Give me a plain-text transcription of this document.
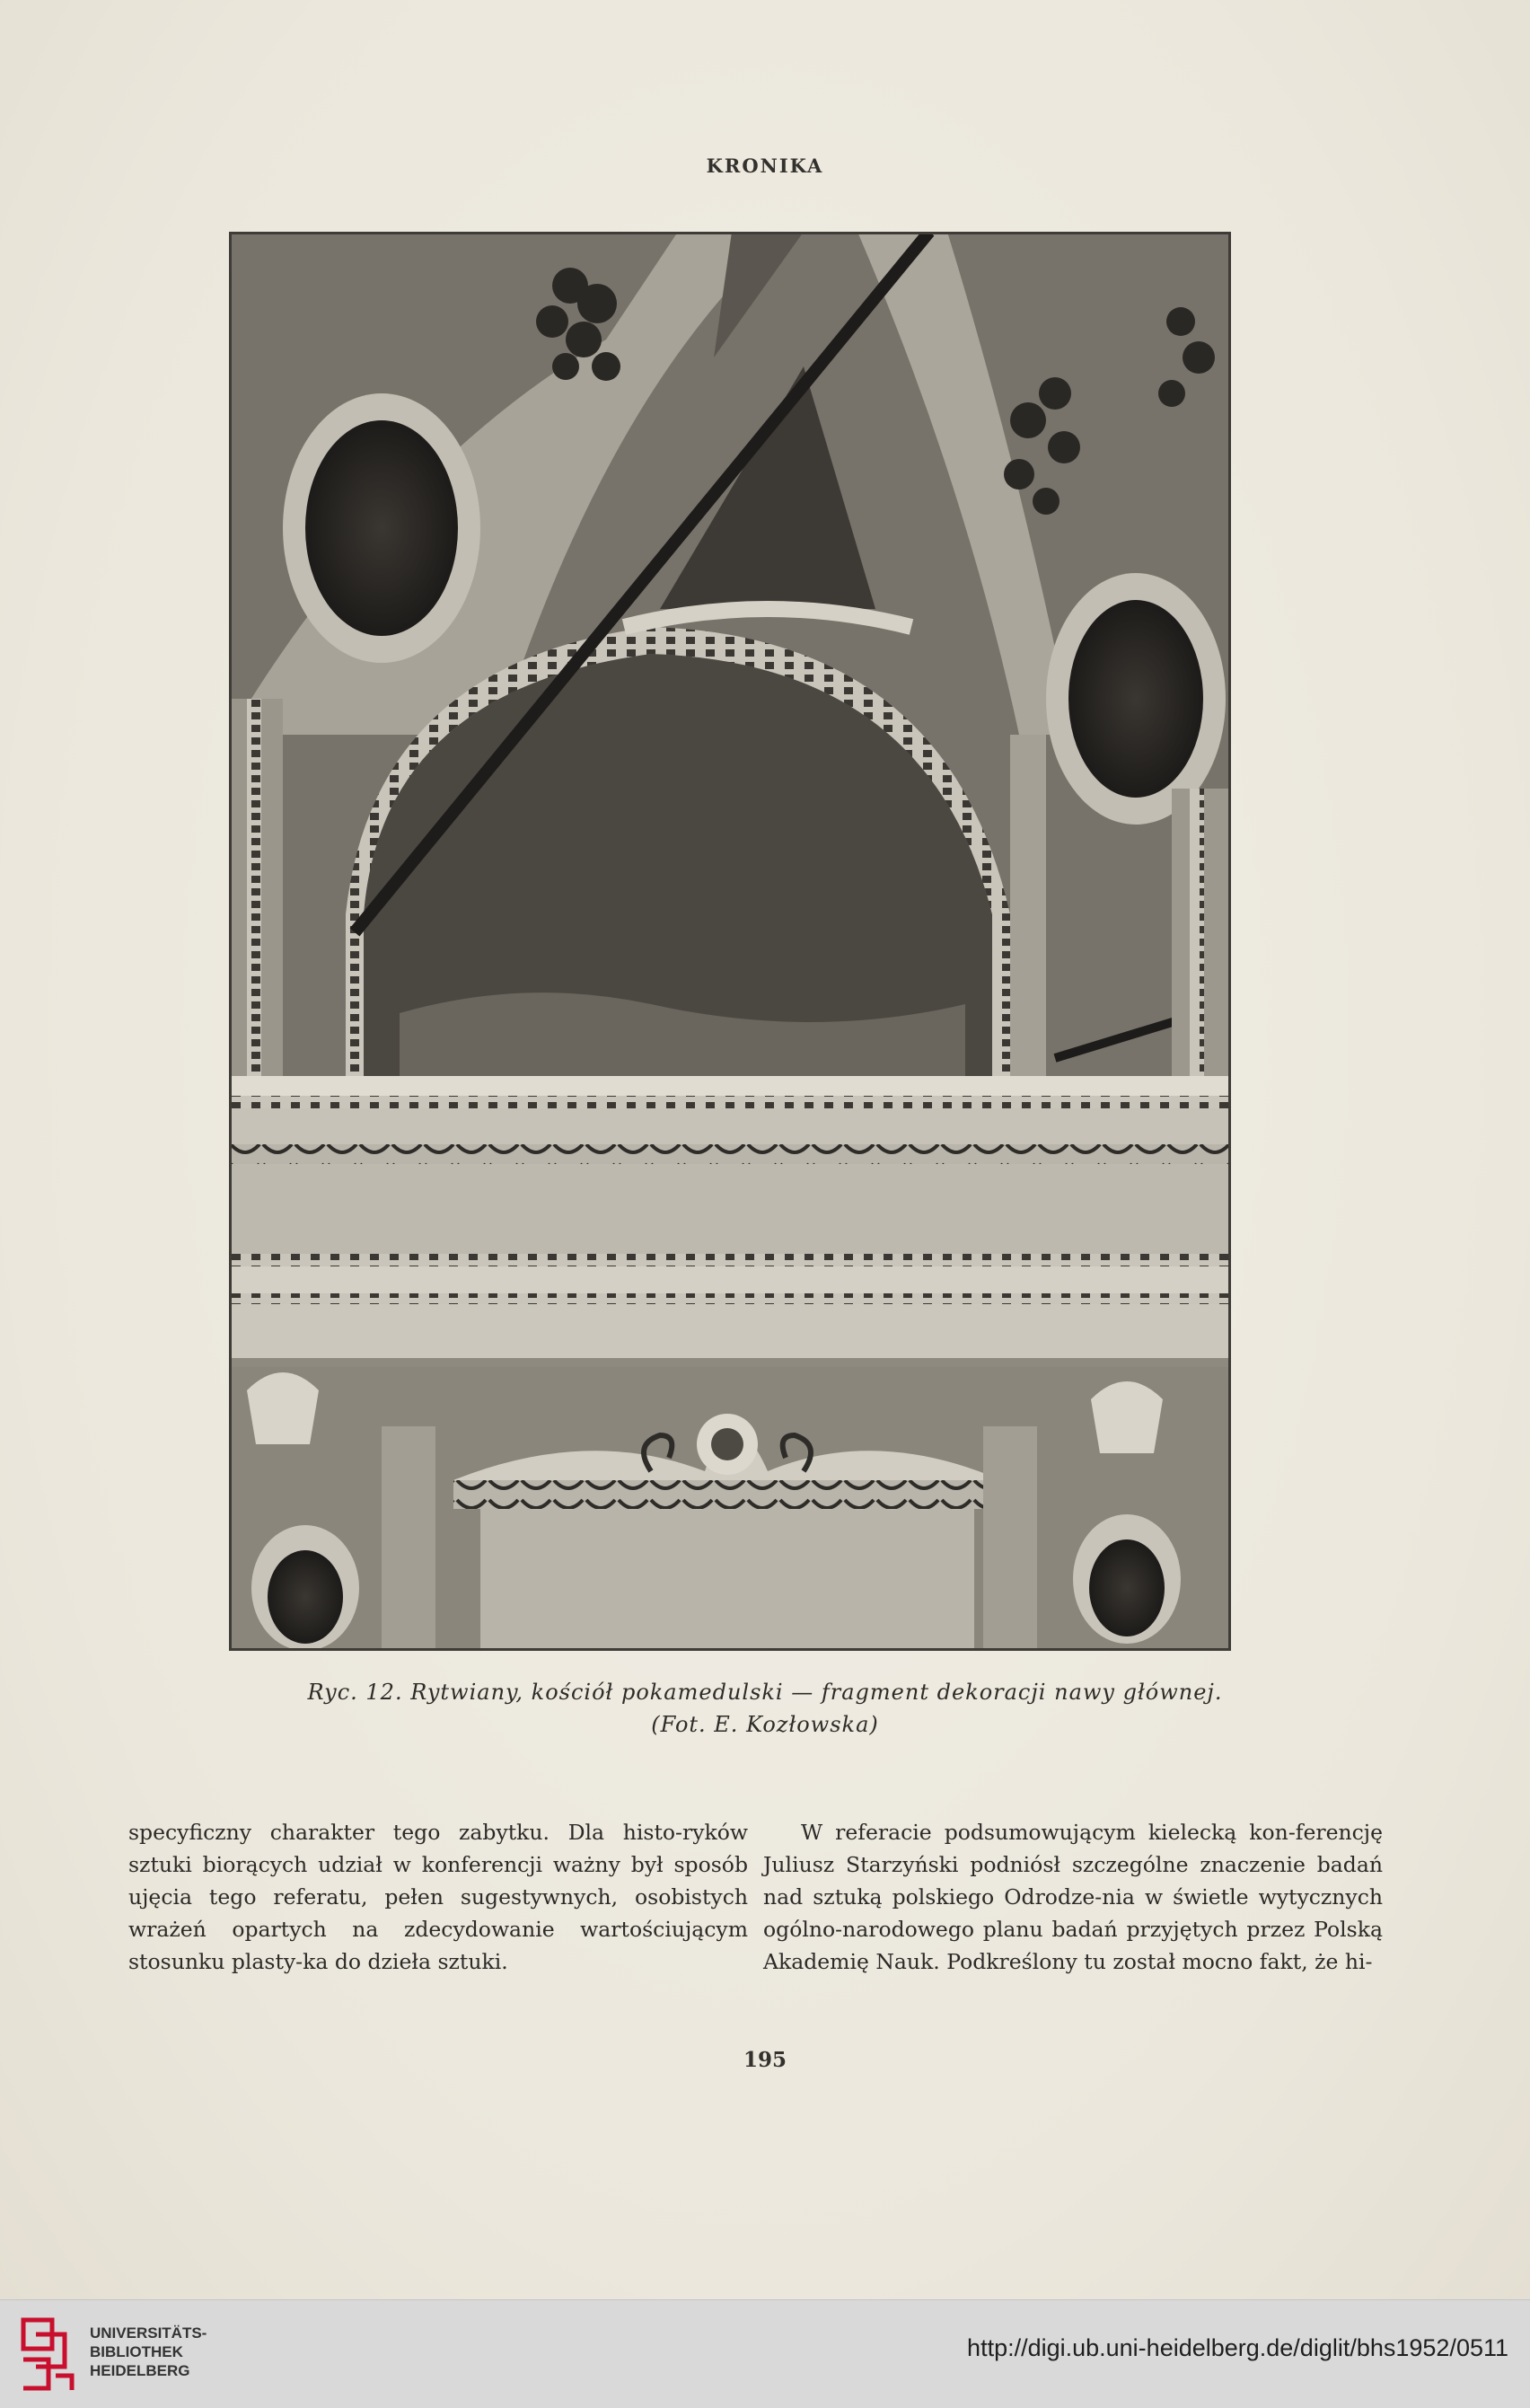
KRONIKA
Ryc. 12. Rytwiany, kościół pokamedulski — fragment dekoracji nawy głównej.
(Fot. E. Kozłowska)

specyficzny charakter tego zabytku. Dla histo-ryków sztuki biorących udział w konferencji ważny był sposób ujęcia tego referatu, pełen sugestywnych, osobistych wrażeń opartych na zdecydowanie wartościującym stosunku plasty-ka do dzieła sztuki.

W referacie podsumowującym kielecką kon-ferencję Juliusz Starzyński podniósł szczególne znaczenie badań nad sztuką polskiego Odrodze-nia w świetle wytycznych ogólno-narodowego planu badań przyjętych przez Polską Akademię Nauk. Podkreślony tu został mocno fakt, że hi-

195
UNIVERSITÄTS-
BIBLIOTHEK
HEIDELBERG
http://digi.ub.uni-heidelberg.de/diglit/bhs1952/0511
